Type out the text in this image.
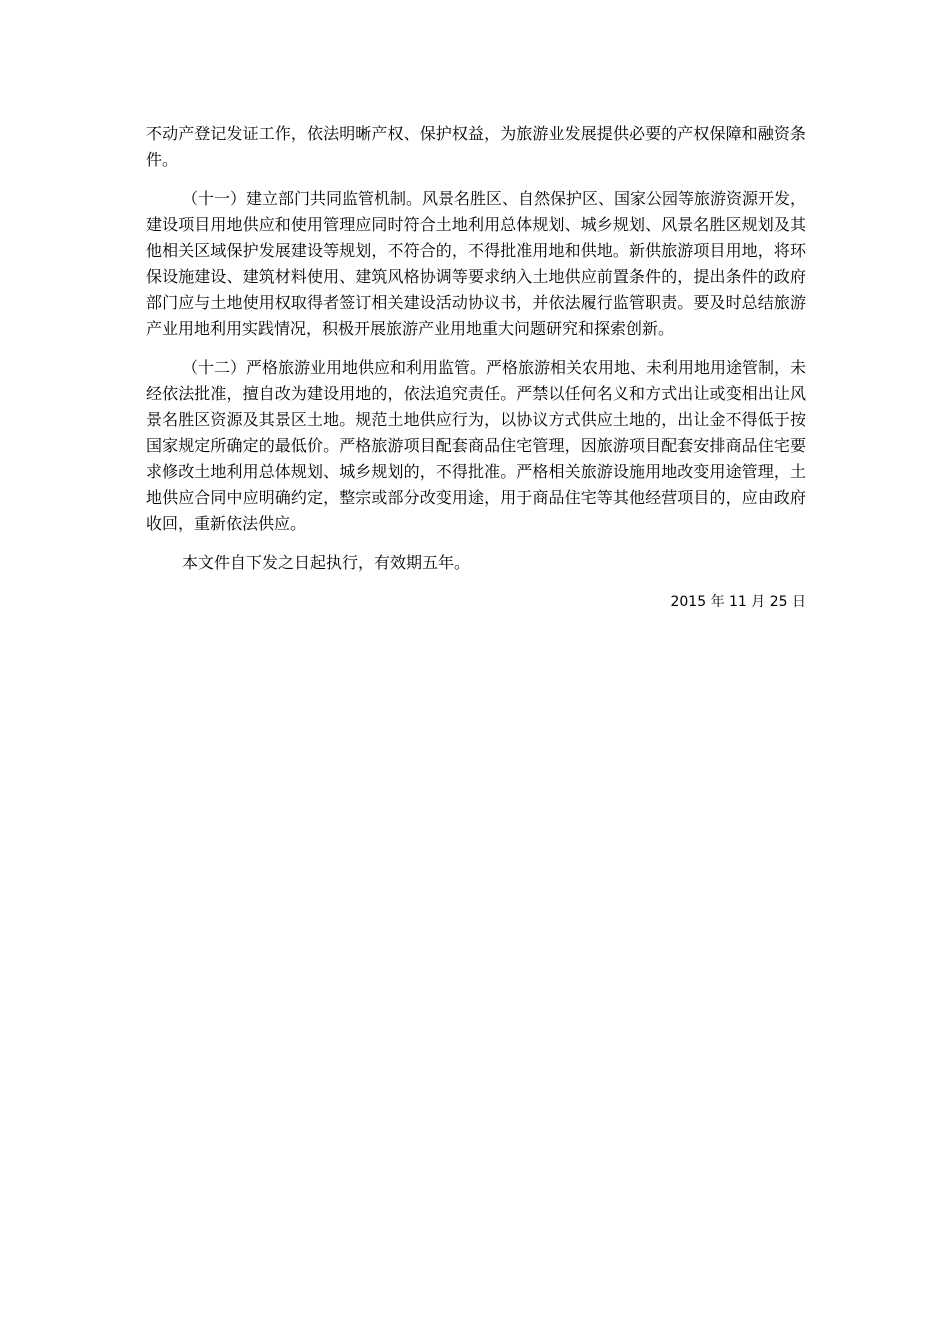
不动产登记发证工作，依法明晰产权、保护权益，为旅游业发展提供必要的产权保障和融资条件。

（十一）建立部门共同监管机制。风景名胜区、自然保护区、国家公园等旅游资源开发，建设项目用地供应和使用管理应同时符合土地利用总体规划、城乡规划、风景名胜区规划及其他相关区域保护发展建设等规划，不符合的，不得批准用地和供地。新供旅游项目用地，将环保设施建设、建筑材料使用、建筑风格协调等要求纳入土地供应前置条件的，提出条件的政府部门应与土地使用权取得者签订相关建设活动协议书，并依法履行监管职责。要及时总结旅游产业用地利用实践情况，积极开展旅游产业用地重大问题研究和探索创新。

（十二）严格旅游业用地供应和利用监管。严格旅游相关农用地、未利用地用途管制，未经依法批准，擅自改为建设用地的，依法追究责任。严禁以任何名义和方式出让或变相出让风景名胜区资源及其景区土地。规范土地供应行为，以协议方式供应土地的，出让金不得低于按国家规定所确定的最低价。严格旅游项目配套商品住宅管理，因旅游项目配套安排商品住宅要求修改土地利用总体规划、城乡规划的，不得批准。严格相关旅游设施用地改变用途管理，土地供应合同中应明确约定，整宗或部分改变用途，用于商品住宅等其他经营项目的，应由政府收回，重新依法供应。

本文件自下发之日起执行，有效期五年。

2015 年 11 月 25 日
